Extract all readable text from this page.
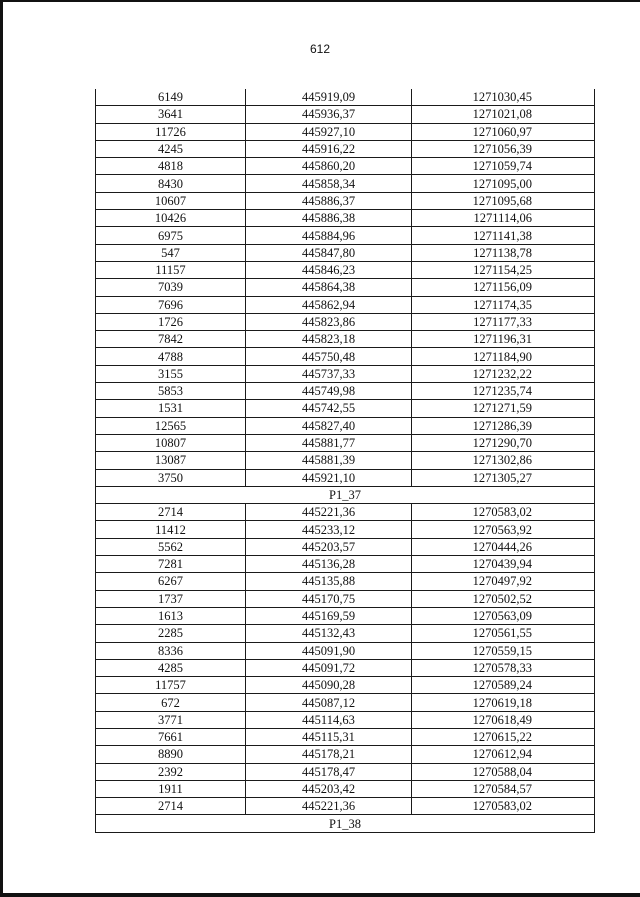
612
6149	445919,09	1271030,45
3641	445936,37	1271021,08
11726	445927,10	1271060,97
4245	445916,22	1271056,39
4818	445860,20	1271059,74
8430	445858,34	1271095,00
10607	445886,37	1271095,68
10426	445886,38	1271114,06
6975	445884,96	1271141,38
547	445847,80	1271138,78
11157	445846,23	1271154,25
7039	445864,38	1271156,09
7696	445862,94	1271174,35
1726	445823,86	1271177,33
7842	445823,18	1271196,31
4788	445750,48	1271184,90
3155	445737,33	1271232,22
5853	445749,98	1271235,74
1531	445742,55	1271271,59
12565	445827,40	1271286,39
10807	445881,77	1271290,70
13087	445881,39	1271302,86
3750	445921,10	1271305,27
P1_37		
2714	445221,36	1270583,02
11412	445233,12	1270563,92
5562	445203,57	1270444,26
7281	445136,28	1270439,94
6267	445135,88	1270497,92
1737	445170,75	1270502,52
1613	445169,59	1270563,09
2285	445132,43	1270561,55
8336	445091,90	1270559,15
4285	445091,72	1270578,33
11757	445090,28	1270589,24
672	445087,12	1270619,18
3771	445114,63	1270618,49
7661	445115,31	1270615,22
8890	445178,21	1270612,94
2392	445178,47	1270588,04
1911	445203,42	1270584,57
2714	445221,36	1270583,02
P1_38		
